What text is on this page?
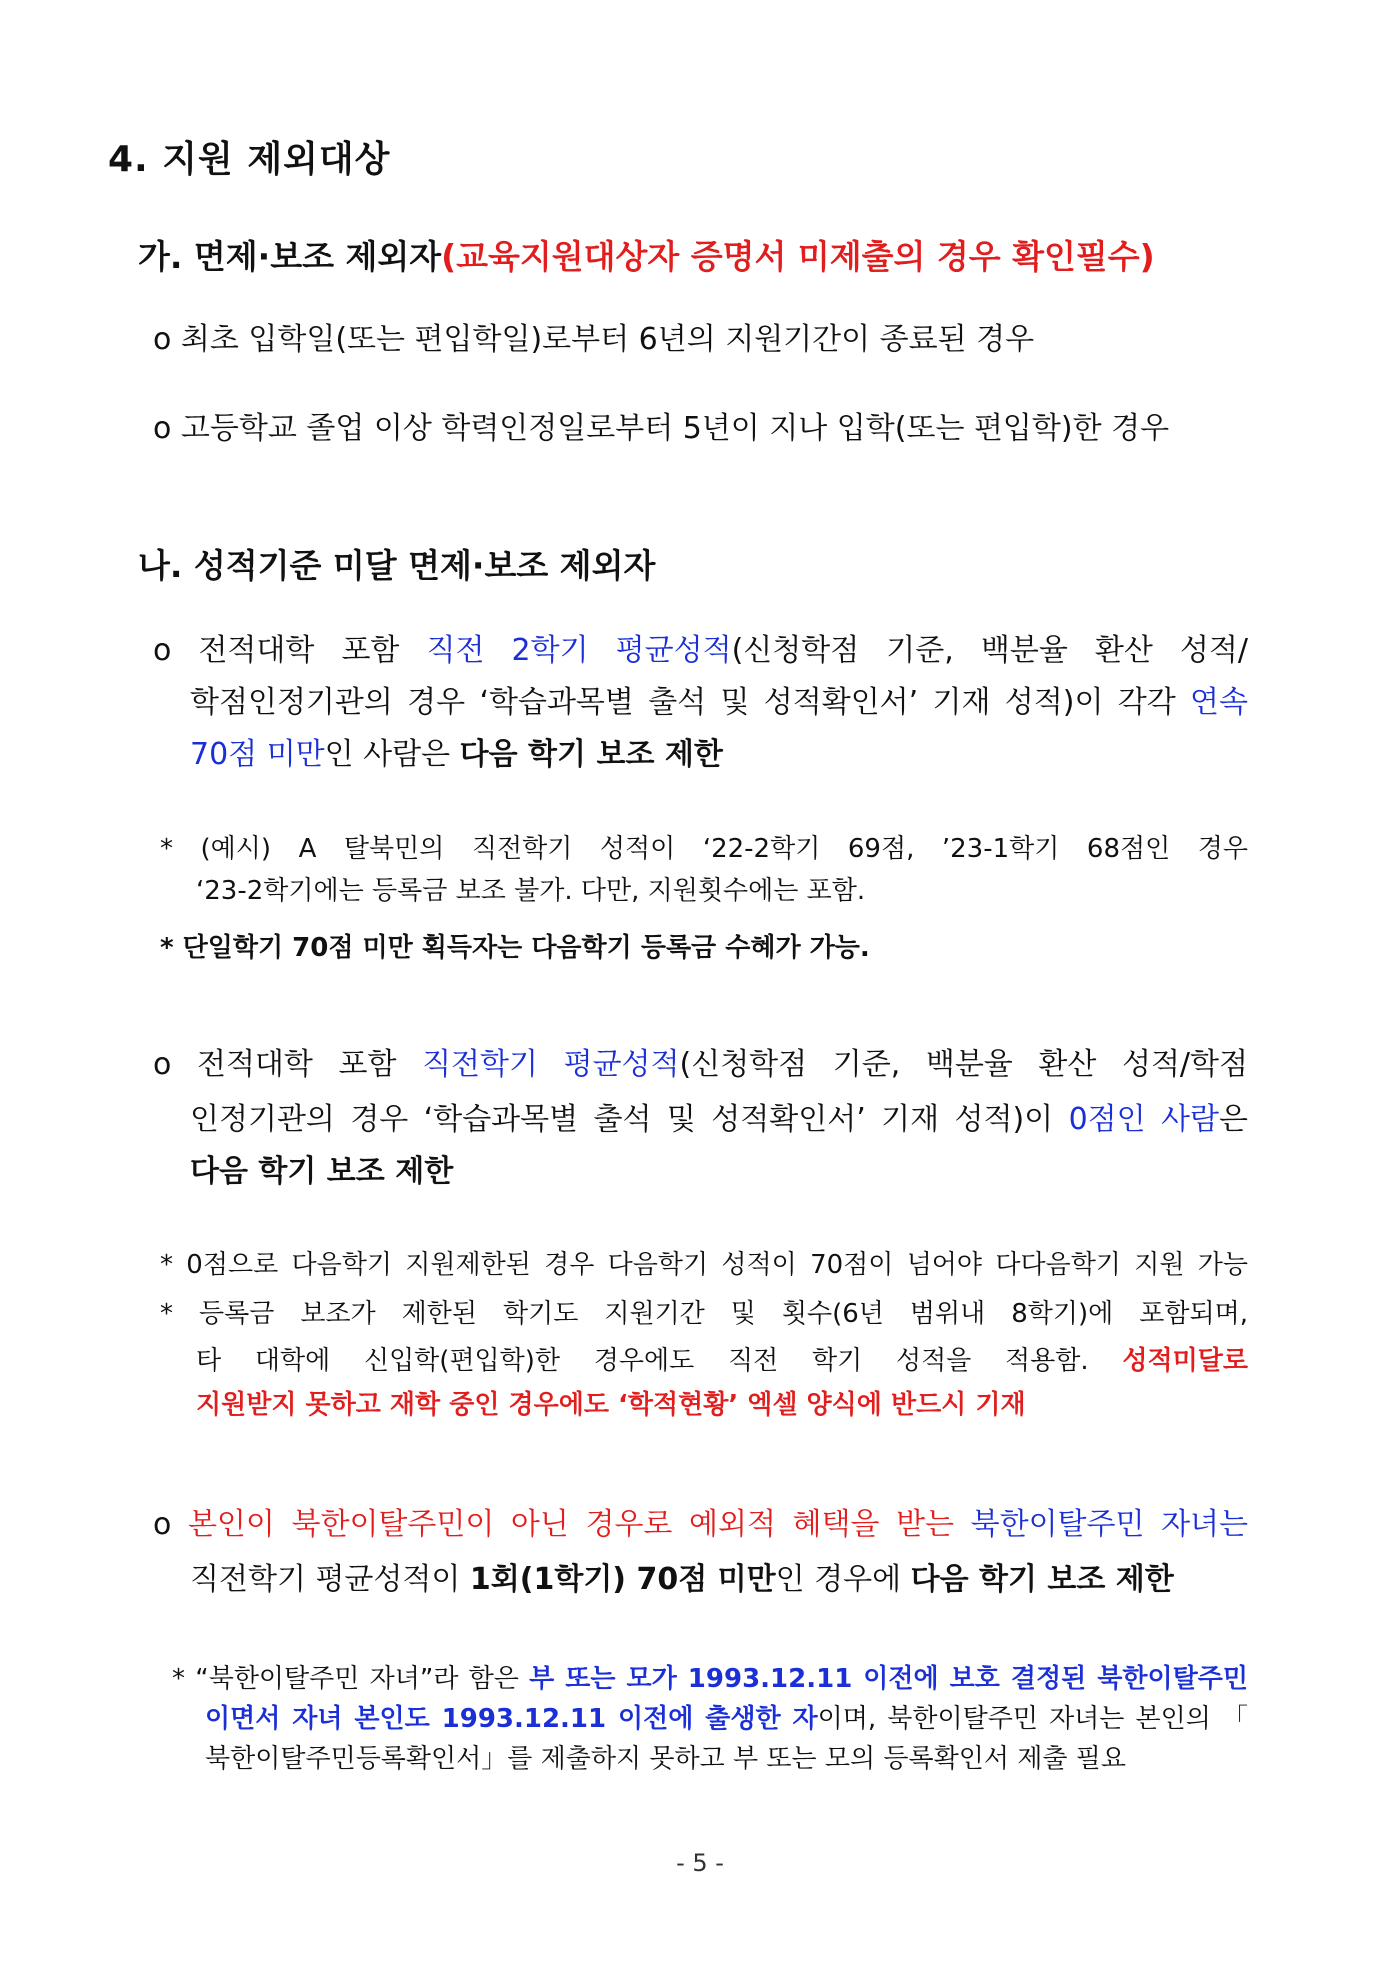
4. 지원 제외대상
가. 면제·보조 제외자(교육지원대상자 증명서 미제출의 경우 확인필수)
o 최초 입학일(또는 편입학일)로부터 6년의 지원기간이 종료된 경우
o 고등학교 졸업 이상 학력인정일로부터 5년이 지나 입학(또는 편입학)한 경우
나. 성적기준 미달 면제·보조 제외자
o 전적대학 포함 직전 2학기 평균성적(신청학점 기준, 백분율 환산 성적/
학점인정기관의 경우 ‘학습과목별 출석 및 성적확인서’ 기재 성적)이 각각 연속
70점 미만인 사람은 다음 학기 보조 제한
* (예시) A 탈북민의 직전학기 성적이 ‘22-2학기 69점, ’23-1학기 68점인 경우
‘23-2학기에는 등록금 보조 불가. 다만, 지원횟수에는 포함.
* 단일학기 70점 미만 획득자는 다음학기 등록금 수혜가 가능.
o 전적대학 포함 직전학기 평균성적(신청학점 기준, 백분율 환산 성적/학점
인정기관의 경우 ‘학습과목별 출석 및 성적확인서’ 기재 성적)이 0점인 사람은
다음 학기 보조 제한
* 0점으로 다음학기 지원제한된 경우 다음학기 성적이 70점이 넘어야 다다음학기 지원 가능
* 등록금 보조가 제한된 학기도 지원기간 및 횟수(6년 범위내 8학기)에 포함되며,
타 대학에 신입학(편입학)한 경우에도 직전 학기 성적을 적용함. 성적미달로
지원받지 못하고 재학 중인 경우에도 ‘학적현황’ 엑셀 양식에 반드시 기재
o 본인이 북한이탈주민이 아닌 경우로 예외적 혜택을 받는 북한이탈주민 자녀는
직전학기 평균성적이 1회(1학기) 70점 미만인 경우에 다음 학기 보조 제한
* “북한이탈주민 자녀”라 함은 부 또는 모가 1993.12.11 이전에 보호 결정된 북한이탈주민
이면서 자녀 본인도 1993.12.11 이전에 출생한 자이며, 북한이탈주민 자녀는 본인의 「
북한이탈주민등록확인서」를 제출하지 못하고 부 또는 모의 등록확인서 제출 필요
- 5 -
